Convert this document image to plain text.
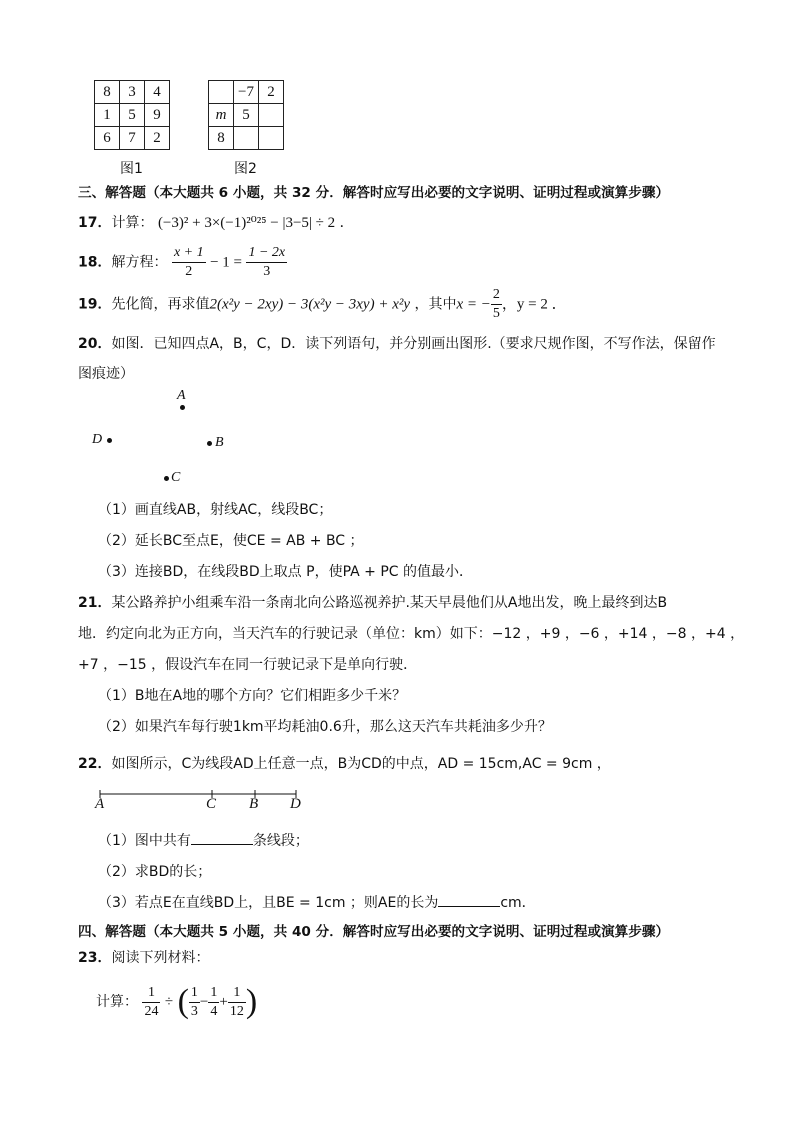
8	3	4
1	5	9
6	7	2
图1
	−7	2
m	5	
8		
图2
三、解答题（本大题共 6 小题，共 32 分．解答时应写出必要的文字说明、证明过程或演算步骤）
17．计算： (−3)² + 3×(−1)²⁰²⁵ − |3−5| ÷ 2 ．
18．解方程： $\frac{x + 1}{2} - 1 = \frac{1 - 2x}{3}$
19．先化简，再求值2(x²y − 2xy) − 3(x²y − 3xy) + x²y ，其中x = − $\frac{2}{5}$ ，y = 2 ．
20．如图．已知四点A，B，C，D．读下列语句，并分别画出图形.（要求尺规作图，不写作法，保留作
图痕迹）
A
D	B
C
（1）画直线AB，射线AC，线段BC；
（2）延长BC至点E，使CE = AB + BC ；
（3）连接BD，在线段BD上取点 P，使PA + PC 的值最小．
21．某公路养护小组乘车沿一条南北向公路巡视养护.某天早晨他们从A地出发，晚上最终到达B
地．约定向北为正方向，当天汽车的行驶记录（单位：km）如下：−12 ，+9 ，−6 ，+14 ，−8 ，+4 ，
+7 ，−15 ，假设汽车在同一行驶记录下是单向行驶．
（1）B地在A地的哪个方向？它们相距多少千米？
（2）如果汽车每行驶1km平均耗油0.6升，那么这天汽车共耗油多少升？
22．如图所示，C为线段AD上任意一点，B为CD的中点，AD = 15cm,AC = 9cm ，
A	C B D
（1）图中共有	条线段；
（2）求BD的长；
（3）若点E在直线BD上，且BE = 1cm ；则AE的长为	cm．
四、解答题（本大题共 5 小题，共 40 分．解答时应写出必要的文字说明、证明过程或演算步骤）
23．阅读下列材料：
计算： $\frac{1}{24}$ ÷ ( $\frac{1}{3} - \frac{1}{4} + \frac{1}{12}$ )
